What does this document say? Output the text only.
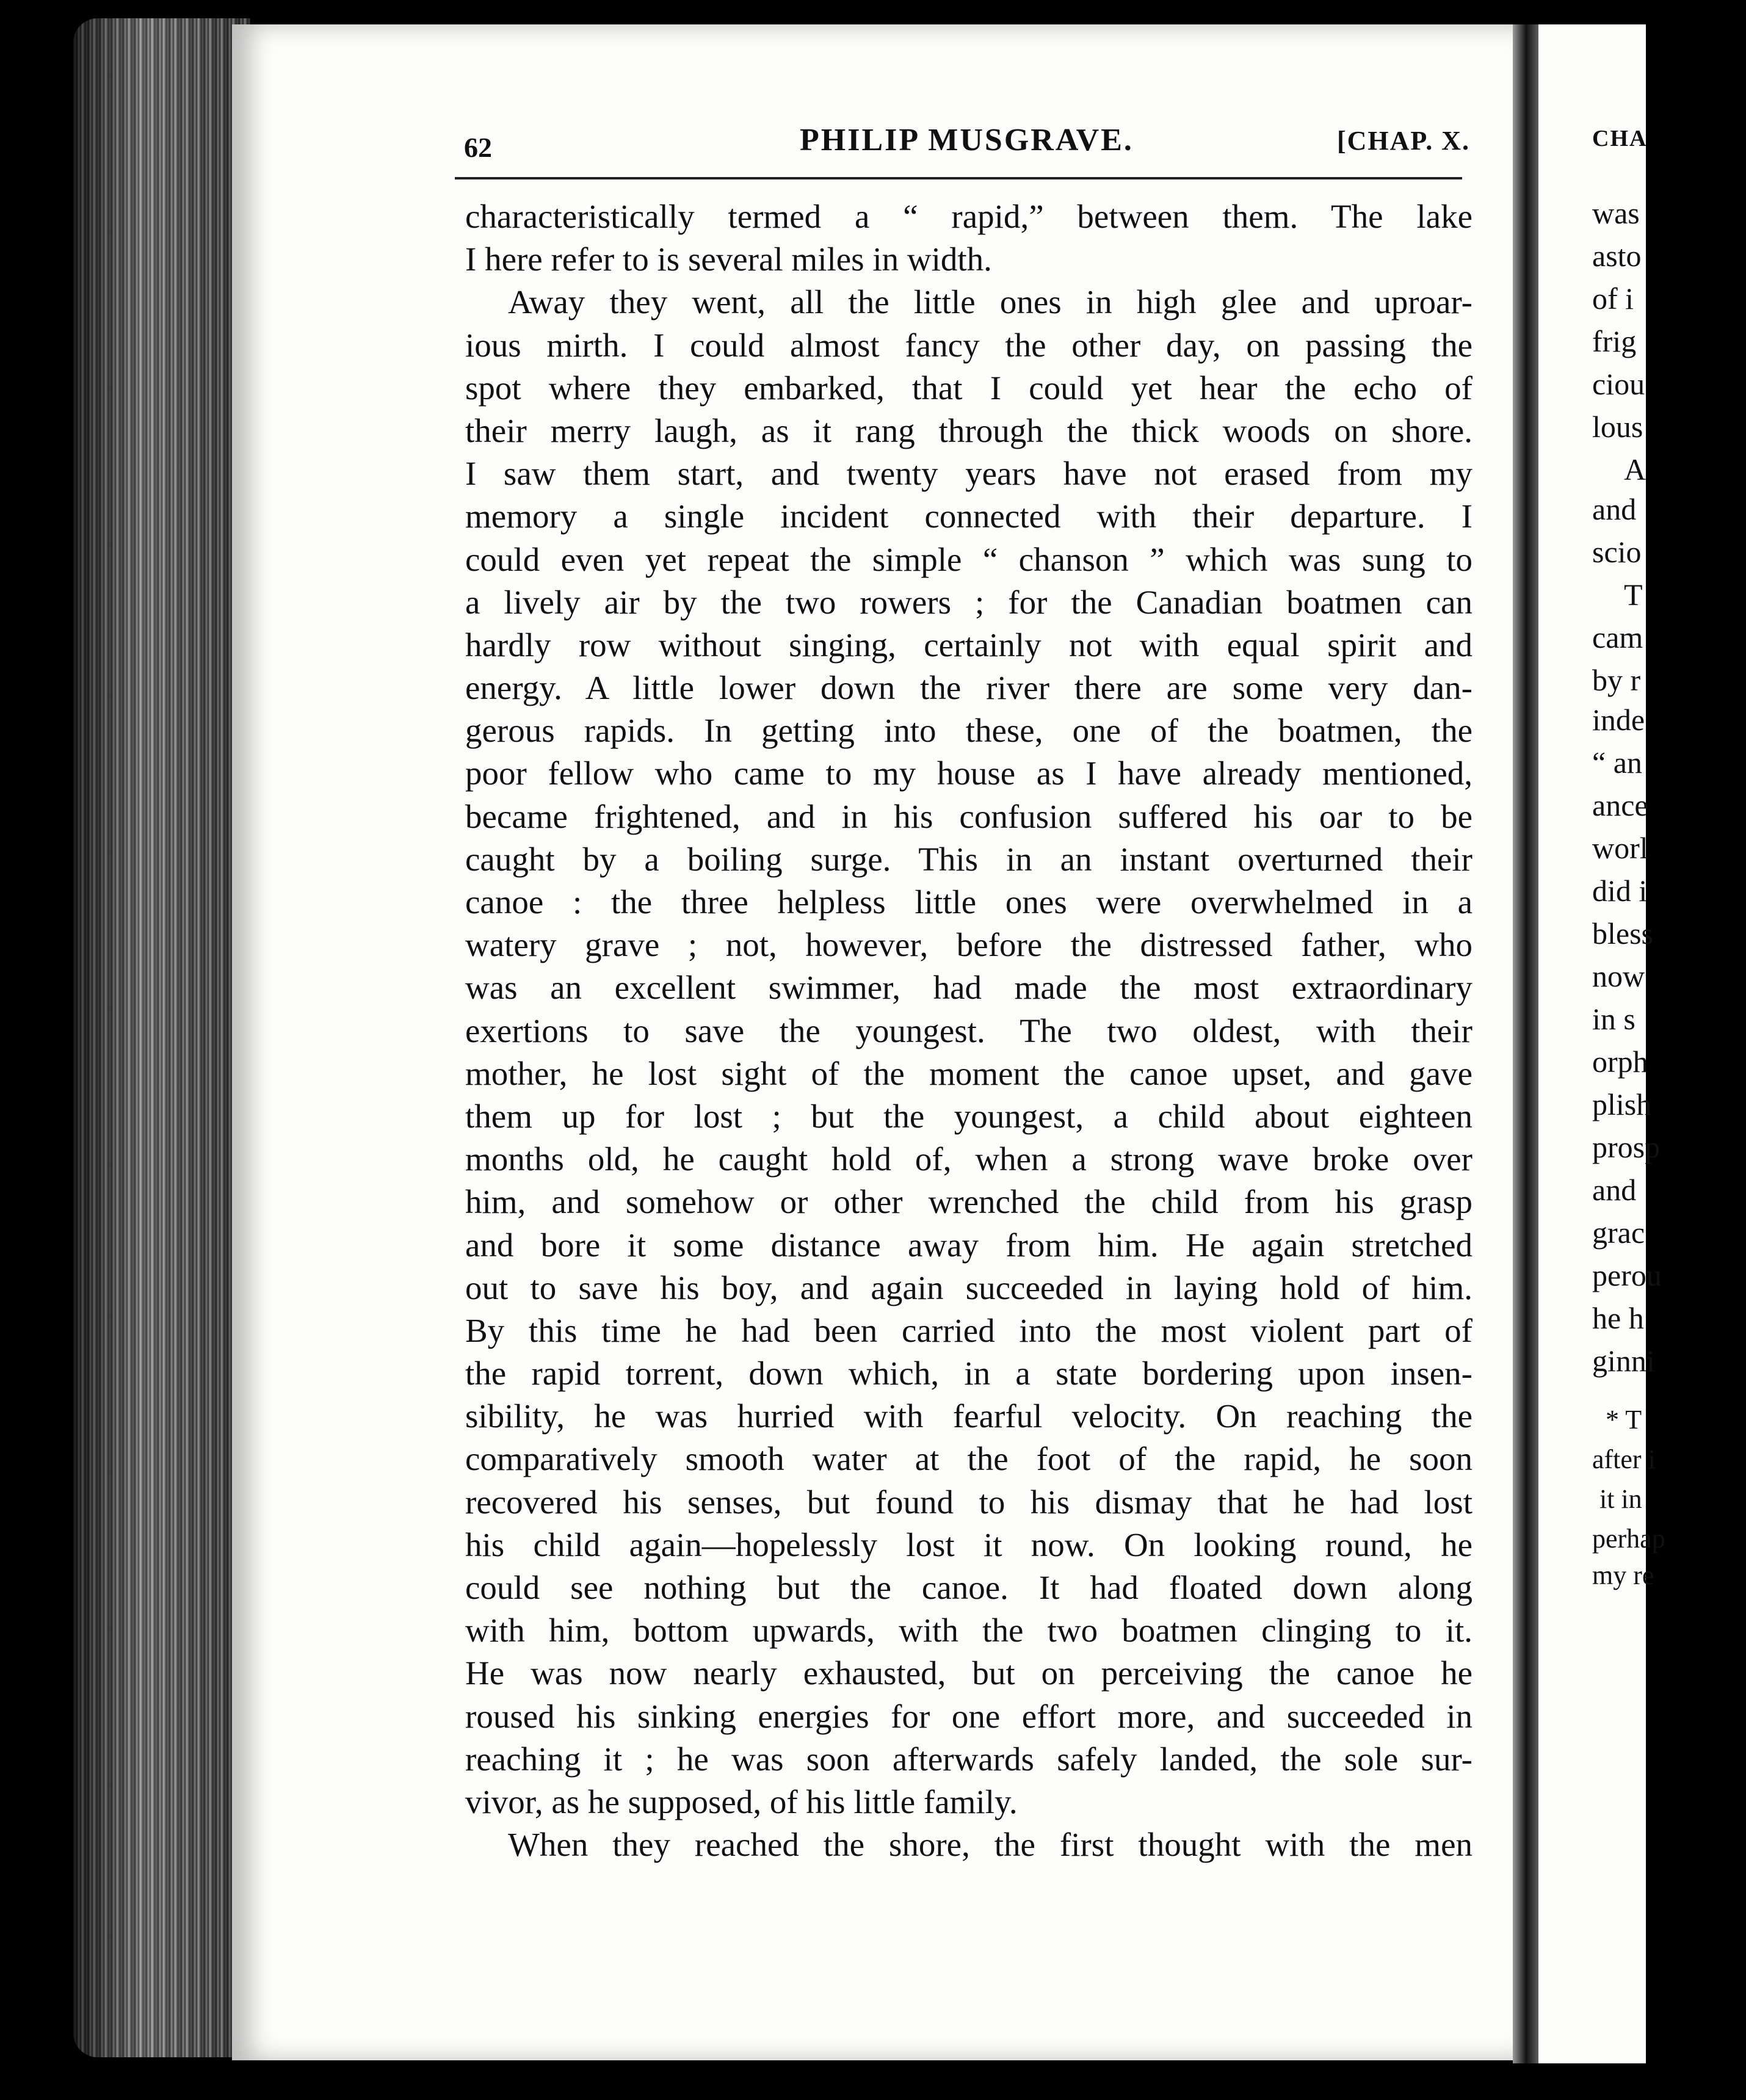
62	PHILIP MUSGRAVE.	[CHAP. X.
characteristically termed a “ rapid,” between them. The lake
I here refer to is several miles in width.
Away they went, all the little ones in high glee and uproar-
ious mirth. I could almost fancy the other day, on passing the
spot where they embarked, that I could yet hear the echo of
their merry laugh, as it rang through the thick woods on shore.
I saw them start, and twenty years have not erased from my
memory a single incident connected with their departure. I
could even yet repeat the simple “ chanson ” which was sung to
a lively air by the two rowers ; for the Canadian boatmen can
hardly row without singing, certainly not with equal spirit and
energy. A little lower down the river there are some very dan-
gerous rapids. In getting into these, one of the boatmen, the
poor fellow who came to my house as I have already mentioned,
became frightened, and in his confusion suffered his oar to be
caught by a boiling surge. This in an instant overturned their
canoe : the three helpless little ones were overwhelmed in a
watery grave ; not, however, before the distressed father, who
was an excellent swimmer, had made the most extraordinary
exertions to save the youngest. The two oldest, with their
mother, he lost sight of the moment the canoe upset, and gave
them up for lost ; but the youngest, a child about eighteen
months old, he caught hold of, when a strong wave broke over
him, and somehow or other wrenched the child from his grasp
and bore it some distance away from him. He again stretched
out to save his boy, and again succeeded in laying hold of him.
By this time he had been carried into the most violent part of
the rapid torrent, down which, in a state bordering upon insen-
sibility, he was hurried with fearful velocity. On reaching the
comparatively smooth water at the foot of the rapid, he soon
recovered his senses, but found to his dismay that he had lost
his child again—hopelessly lost it now. On looking round, he
could see nothing but the canoe. It had floated down along
with him, bottom upwards, with the two boatmen clinging to it.
He was now nearly exhausted, but on perceiving the canoe he
roused his sinking energies for one effort more, and succeeded in
reaching it ; he was soon afterwards safely landed, the sole sur-
vivor, as he supposed, of his little family.
When they reached the shore, the first thought with the men
CHA
was
asto
of i
frig
ciou
lous
A
and
scio
T
cam
by r
inde
“ an
ance
worl
did i
bless
now
in s
orph
plish
prosp
and
grac
perou
he h
ginni
* T
after i
it in
perhap
my re
